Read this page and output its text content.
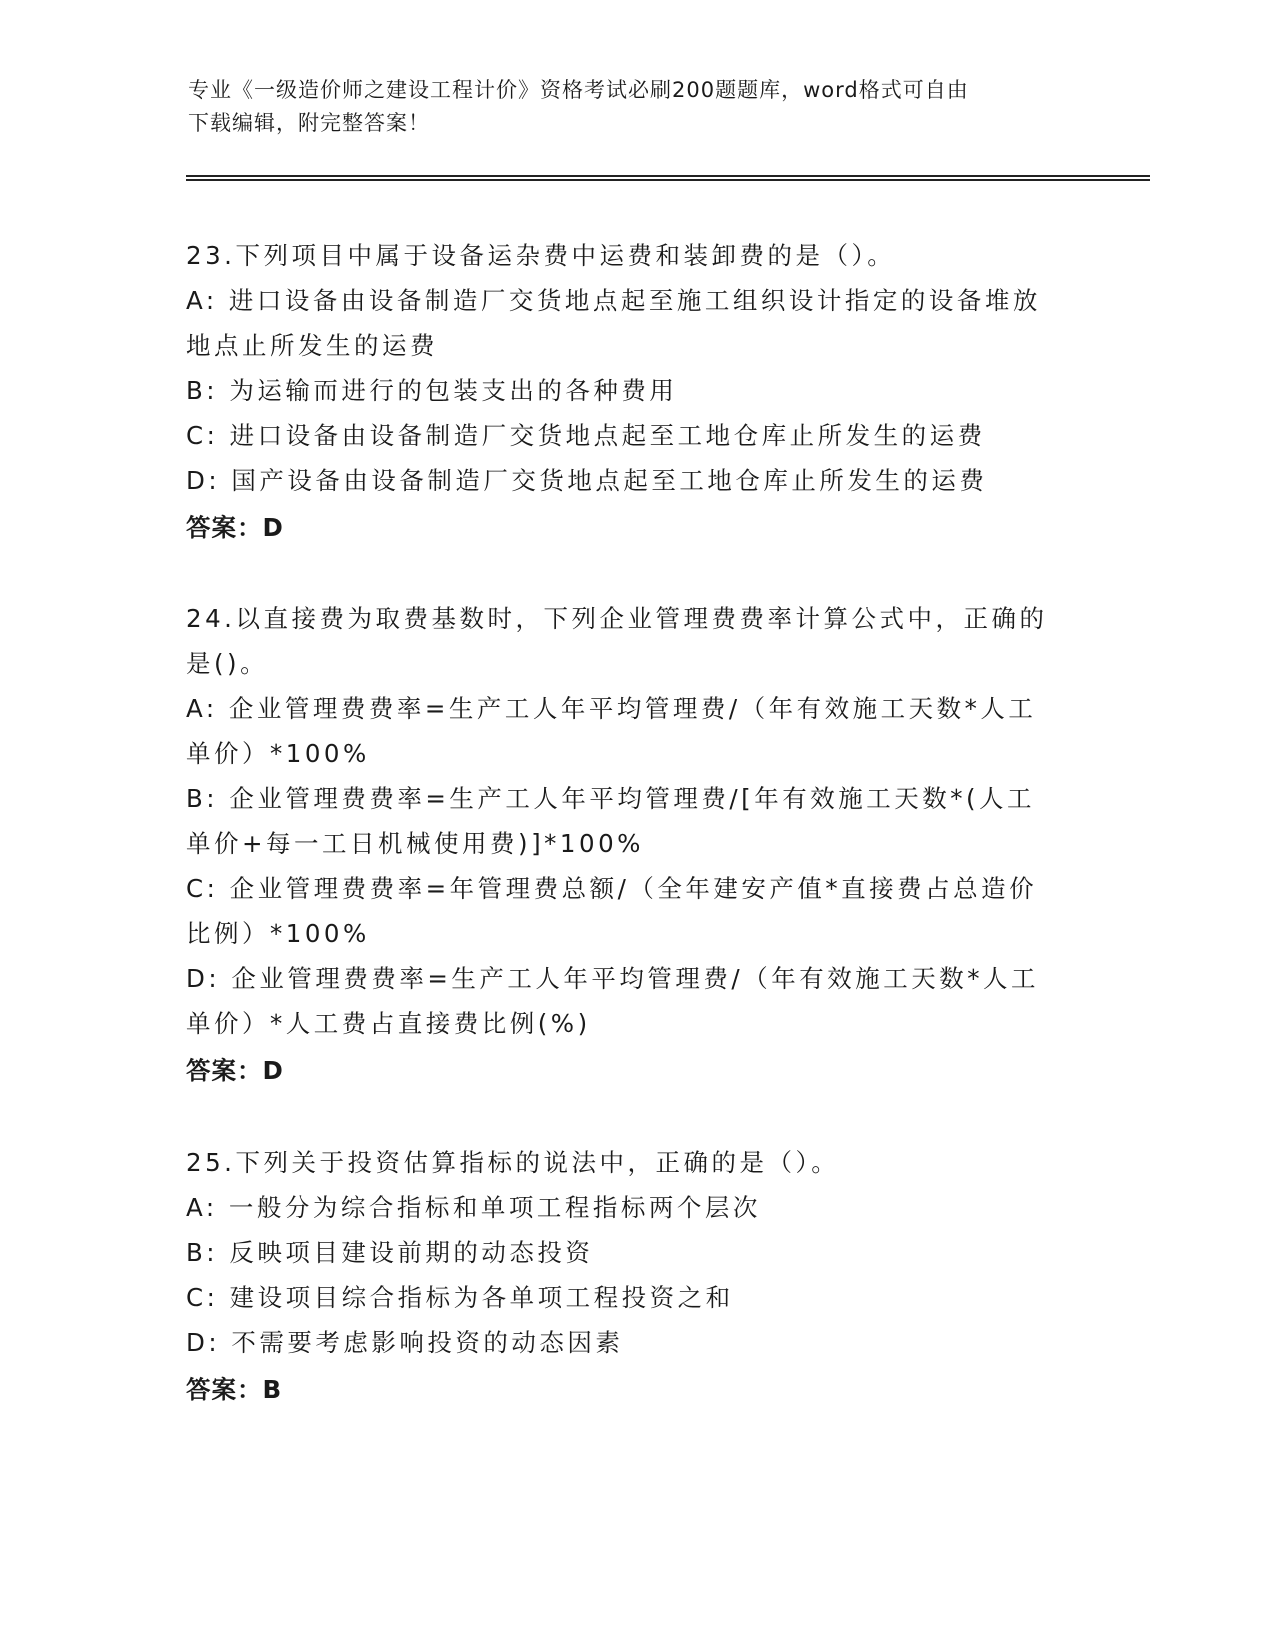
专业《一级造价师之建设工程计价》资格考试必刷200题题库，word格式可自由
下载编辑，附完整答案！
23.下列项目中属于设备运杂费中运费和装卸费的是（）。
A: 进口设备由设备制造厂交货地点起至施工组织设计指定的设备堆放
地点止所发生的运费
B: 为运输而进行的包装支出的各种费用
C: 进口设备由设备制造厂交货地点起至工地仓库止所发生的运费
D: 国产设备由设备制造厂交货地点起至工地仓库止所发生的运费
答案：D
24.以直接费为取费基数时，下列企业管理费费率计算公式中，正确的
是()。
A: 企业管理费费率=生产工人年平均管理费/（年有效施工天数*人工
单价）*100%
B: 企业管理费费率=生产工人年平均管理费/[年有效施工天数*(人工
单价+每一工日机械使用费)]*100%
C: 企业管理费费率=年管理费总额/（全年建安产值*直接费占总造价
比例）*100%
D: 企业管理费费率=生产工人年平均管理费/（年有效施工天数*人工
单价）*人工费占直接费比例(%)
答案：D
25.下列关于投资估算指标的说法中，正确的是（）。
A: 一般分为综合指标和单项工程指标两个层次
B: 反映项目建设前期的动态投资
C: 建设项目综合指标为各单项工程投资之和
D: 不需要考虑影响投资的动态因素
答案：B
